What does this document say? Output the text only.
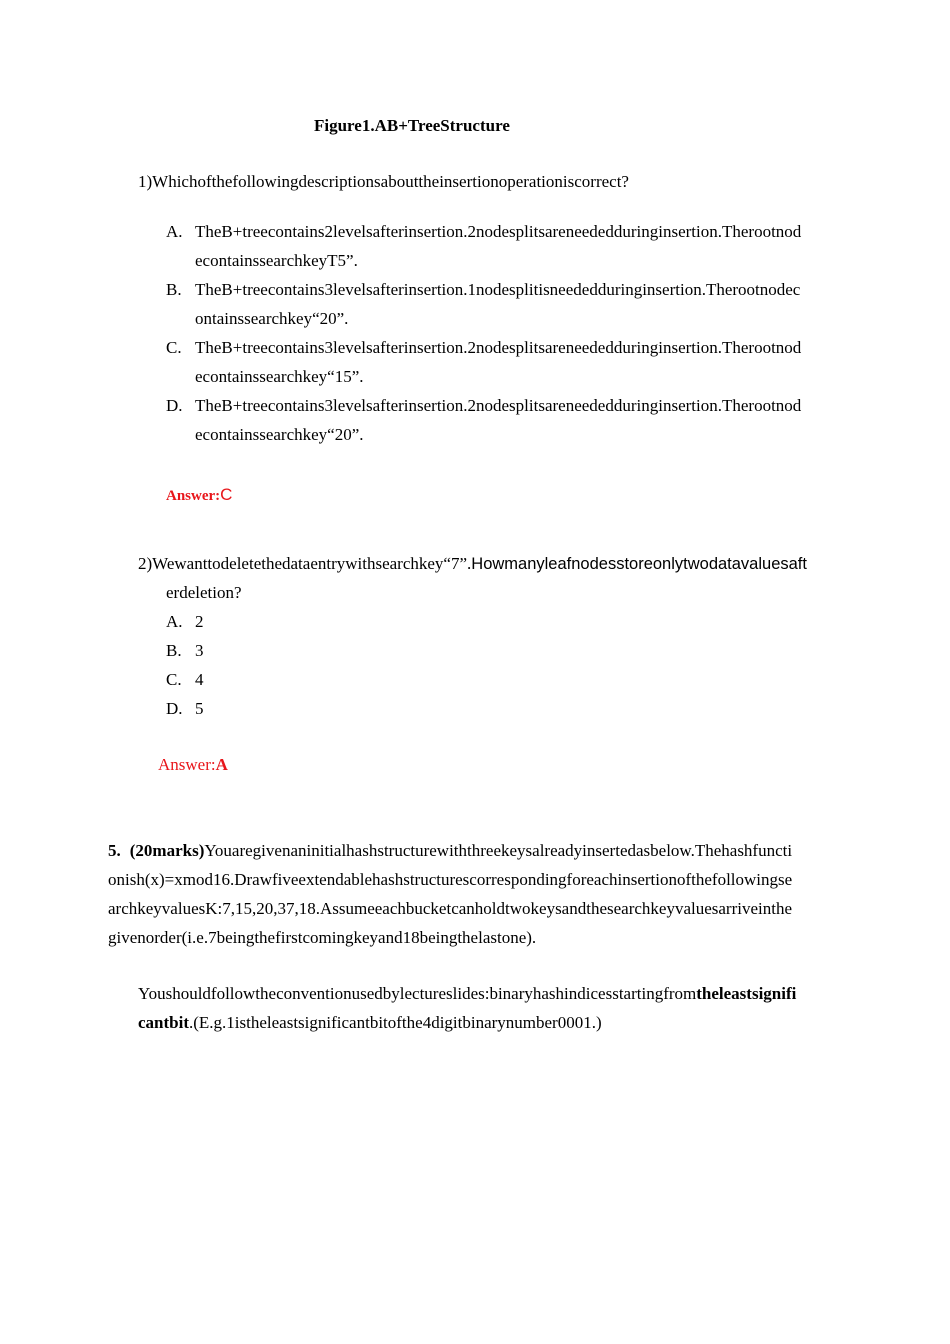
Figure1.AB+TreeStructure
1)Whichofthefollowingdescriptionsabouttheinsertionoperationiscorrect?
A. TheB+treecontains2levelsafterinsertion.2nodesplitsareneededduringinsertion.Therootnod
econtainssearchkeyT5”.
B. TheB+treecontains3levelsafterinsertion.1nodesplitisneededduringinsertion.Therootnodec
ontainssearchkey“20”.
C. TheB+treecontains3levelsafterinsertion.2nodesplitsareneededduringinsertion.Therootnod
econtainssearchkey“15”.
D. TheB+treecontains3levelsafterinsertion.2nodesplitsareneededduringinsertion.Therootnod
econtainssearchkey“20”.
Answer:C
2)Wewanttodeletethedataentrywithsearchkey“7”.Howmanyleafnodesstoreonlytwodatavaluesaft
erdeletion?
A. 2
B. 3
C. 4
D. 5
Answer:A
5. (20marks)Youaregivenaninitialhashstructurewiththreekeysalreadyinsertedasbelow.Thehashfuncti
onish(x)=xmod16.Drawfiveextendablehashstructurescorrespondingforeachinsertionofthefollowingse
archkeyvaluesK:7,15,20,37,18.Assumeeachbucketcanholdtwokeysandthesearchkeyvaluesarriveinthe
givenorder(i.e.7beingthefirstcomingkeyand18beingthelastone).
Youshouldfollowtheconventionusedbylectureslides:binaryhashindicesstartingfromtheleastsignifi
cantbit.(E.g.1istheleastsignificantbitofthe4digitbinarynumber0001.)
